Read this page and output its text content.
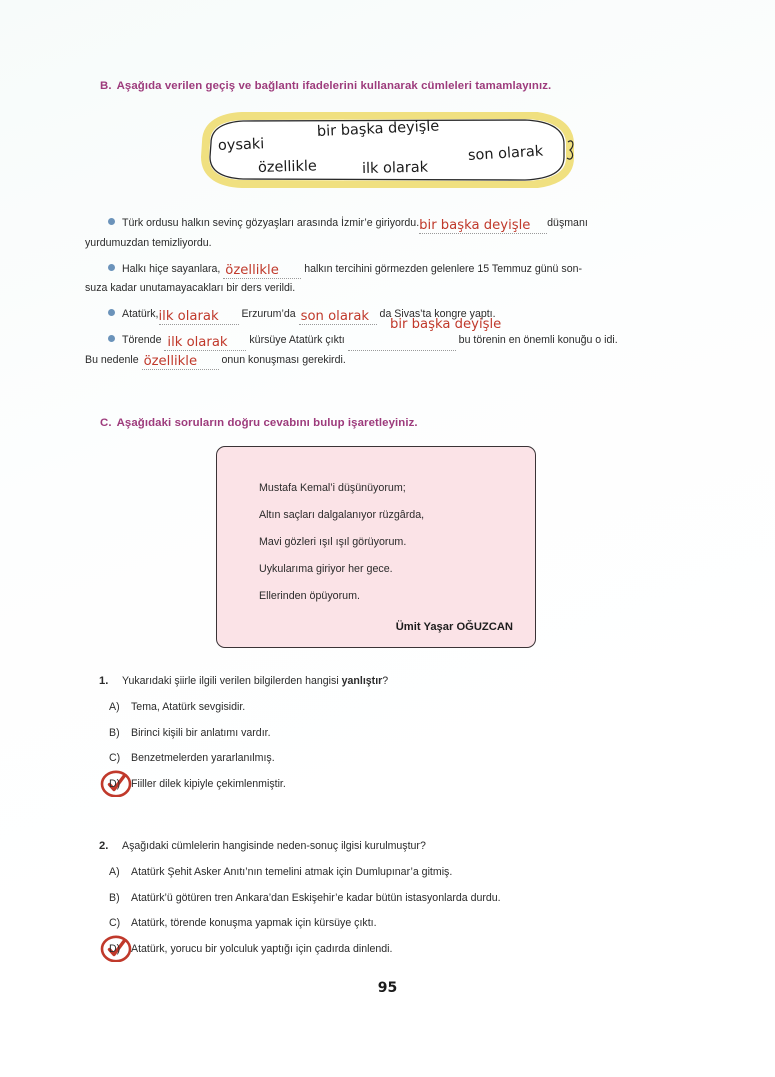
B. Aşağıda verilen geçiş ve bağlantı ifadelerini kullanarak cümleleri tamamlayınız.
oysaki
bir başka deyişle
özellikle	ilk olarak
son olarak
Türk ordusu halkın sevinç gözyaşları arasında İzmir’e giriyordu. bir başka deyişle düşmanı
yurdumuzdan temizliyordu.
Halkı hiçe sayanlara, özellikle halkın tercihini görmezden gelenlere 15 Temmuz günü son-
suza kadar unutamayacakları bir ders verildi.
Atatürk, ilk olarak Erzurum’da son olarak da Sivas’ta kongre yaptı.
bir başka deyişle
Törende ilk olarak kürsüye Atatürk çıktı	bu törenin en önemli konuğu o idi.
Bu nedenle özellikle onun konuşması gerekirdi.
C. Aşağıdaki soruların doğru cevabını bulup işaretleyiniz.
Mustafa Kemal’i düşünüyorum;
Altın saçları dalgalanıyor rüzgârda,
Mavi gözleri ışıl ışıl görüyorum.
Uykularıma giriyor her gece.
Ellerinden öpüyorum.
Ümit Yaşar OĞUZCAN
1. Yukarıdaki şiirle ilgili verilen bilgilerden hangisi yanlıştır?
A) Tema, Atatürk sevgisidir.
B) Birinci kişili bir anlatımı vardır.
C) Benzetmelerden yararlanılmış.
D) Fiiller dilek kipiyle çekimlenmiştir.
2. Aşağıdaki cümlelerin hangisinde neden-sonuç ilgisi kurulmuştur?
A) Atatürk Şehit Asker Anıtı’nın temelini atmak için Dumlupınar’a gitmiş.
B) Atatürk’ü götüren tren Ankara’dan Eskişehir’e kadar bütün istasyonlarda durdu.
C) Atatürk, törende konuşma yapmak için kürsüye çıktı.
D) Atatürk, yorucu bir yolculuk yaptığı için çadırda dinlendi.
95
